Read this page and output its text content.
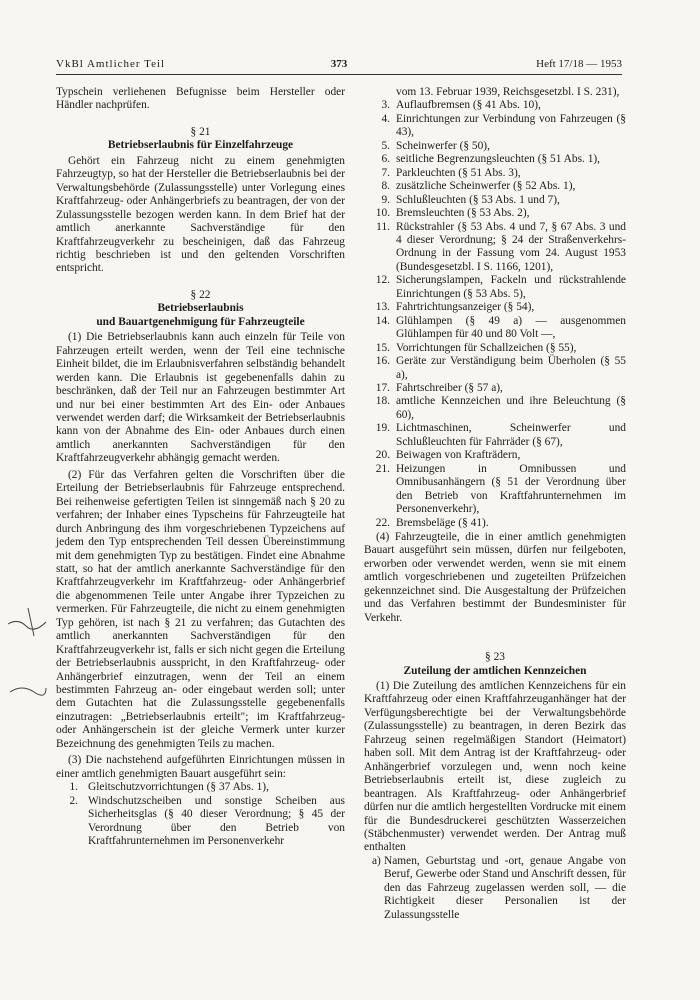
VkBl Amtlicher Teil	373	Heft 17/18 — 1953

Typschein verliehenen Befugnisse beim Hersteller oder Händler nachprüfen.

§ 21
Betriebserlaubnis für Einzelfahrzeuge

Gehört ein Fahrzeug nicht zu einem genehmigten Fahrzeugtyp, so hat der Hersteller die Betriebserlaubnis bei der Verwaltungsbehörde (Zulassungsstelle) unter Vorlegung eines Kraftfahrzeug- oder Anhängerbriefs zu beantragen, der von der Zulassungsstelle bezogen werden kann. In dem Brief hat der amtlich anerkannte Sachverständige für den Kraftfahrzeugverkehr zu bescheinigen, daß das Fahrzeug richtig beschrieben ist und den geltenden Vorschriften entspricht.

§ 22
Betriebserlaubnis
und Bauartgenehmigung für Fahrzeugteile

(1) Die Betriebserlaubnis kann auch einzeln für Teile von Fahrzeugen erteilt werden, wenn der Teil eine technische Einheit bildet, die im Erlaubnisverfahren selbständig behandelt werden kann. Die Erlaubnis ist gegebenenfalls dahin zu beschränken, daß der Teil nur an Fahrzeugen bestimmter Art und nur bei einer bestimmten Art des Ein- oder Anbaues verwendet werden darf; die Wirksamkeit der Betriebserlaubnis kann von der Abnahme des Ein- oder Anbaues durch einen amtlich anerkannten Sachverständigen für den Kraftfahrzeugverkehr abhängig gemacht werden.

(2) Für das Verfahren gelten die Vorschriften über die Erteilung der Betriebserlaubnis für Fahrzeuge entsprechend. Bei reihenweise gefertigten Teilen ist sinngemäß nach § 20 zu verfahren; der Inhaber eines Typscheins für Fahrzeugteile hat durch Anbringung des ihm vorgeschriebenen Typzeichens auf jedem den Typ entsprechenden Teil dessen Übereinstimmung mit dem genehmigten Typ zu bestätigen. Findet eine Abnahme statt, so hat der amtlich anerkannte Sachverständige für den Kraftfahrzeugverkehr im Kraftfahrzeug- oder Anhängerbrief die abgenommenen Teile unter Angabe ihrer Typzeichen zu vermerken. Für Fahrzeugteile, die nicht zu einem genehmigten Typ gehören, ist nach § 21 zu verfahren; das Gutachten des amtlich anerkannten Sachverständigen für den Kraftfahrzeugverkehr ist, falls er sich nicht gegen die Erteilung der Betriebserlaubnis ausspricht, in den Kraftfahrzeug- oder Anhängerbrief einzutragen, wenn der Teil an einem bestimmten Fahrzeug an- oder eingebaut werden soll; unter dem Gutachten hat die Zulassungsstelle gegebenenfalls einzutragen: „Betriebserlaubnis erteilt"; im Kraftfahrzeug- oder Anhängerschein ist der gleiche Vermerk unter kurzer Bezeichnung des genehmigten Teils zu machen.

(3) Die nachstehend aufgeführten Einrichtungen müssen in einer amtlich genehmigten Bauart ausgeführt sein:

1. Gleitschutzvorrichtungen (§ 37 Abs. 1),
2. Windschutzscheiben und sonstige Scheiben aus Sicherheitsglas (§ 40 dieser Verordnung; § 45 der Verordnung über den Betrieb von Kraftfahrunternehmen im Personenverkehr

vom 13. Februar 1939, Reichsgesetzbl. I S. 231),

3. Auflaufbremsen (§ 41 Abs. 10),
4. Einrichtungen zur Verbindung von Fahrzeugen (§ 43),
5. Scheinwerfer (§ 50),
6. seitliche Begrenzungsleuchten (§ 51 Abs. 1),
7. Parkleuchten (§ 51 Abs. 3),
8. zusätzliche Scheinwerfer (§ 52 Abs. 1),
9. Schlußleuchten (§ 53 Abs. 1 und 7),
10. Bremsleuchten (§ 53 Abs. 2),
11. Rückstrahler (§ 53 Abs. 4 und 7, § 67 Abs. 3 und 4 dieser Verordnung; § 24 der Straßenverkehrs-Ordnung in der Fassung vom 24. August 1953 (Bundesgesetzbl. I S. 1166, 1201),
12. Sicherungslampen, Fackeln und rückstrahlende Einrichtungen (§ 53 Abs. 5),
13. Fahrtrichtungsanzeiger (§ 54),
14. Glühlampen (§ 49 a) — ausgenommen Glühlampen für 40 und 80 Volt —,
15. Vorrichtungen für Schallzeichen (§ 55),
16. Geräte zur Verständigung beim Überholen (§ 55 a),
17. Fahrtschreiber (§ 57 a),
18. amtliche Kennzeichen und ihre Beleuchtung (§ 60),
19. Lichtmaschinen, Scheinwerfer und Schlußleuchten für Fahrräder (§ 67),
20. Beiwagen von Krafträdern,
21. Heizungen in Omnibussen und Omnibusanhängern (§ 51 der Verordnung über den Betrieb von Kraftfahrunternehmen im Personenverkehr),
22. Bremsbeläge (§ 41).

(4) Fahrzeugteile, die in einer amtlich genehmigten Bauart ausgeführt sein müssen, dürfen nur feilgeboten, erworben oder verwendet werden, wenn sie mit einem amtlich vorgeschriebenen und zugeteilten Prüfzeichen gekennzeichnet sind. Die Ausgestaltung der Prüfzeichen und das Verfahren bestimmt der Bundesminister für Verkehr.

§ 23
Zuteilung der amtlichen Kennzeichen

(1) Die Zuteilung des amtlichen Kennzeichens für ein Kraftfahrzeug oder einen Kraftfahrzeuganhänger hat der Verfügungsberechtigte bei der Verwaltungsbehörde (Zulassungsstelle) zu beantragen, in deren Bezirk das Fahrzeug seinen regelmäßigen Standort (Heimatort) haben soll. Mit dem Antrag ist der Kraftfahrzeug- oder Anhängerbrief vorzulegen und, wenn noch keine Betriebserlaubnis erteilt ist, diese zugleich zu beantragen. Als Kraftfahrzeug- oder Anhängerbrief dürfen nur die amtlich hergestellten Vordrucke mit einem für die Bundesdruckerei geschützten Wasserzeichen (Stäbchenmuster) verwendet werden. Der Antrag muß enthalten

a) Namen, Geburtstag und -ort, genaue Angabe von Beruf, Gewerbe oder Stand und Anschrift dessen, für den das Fahrzeug zugelassen werden soll, — die Richtigkeit dieser Personalien ist der Zulassungsstelle
